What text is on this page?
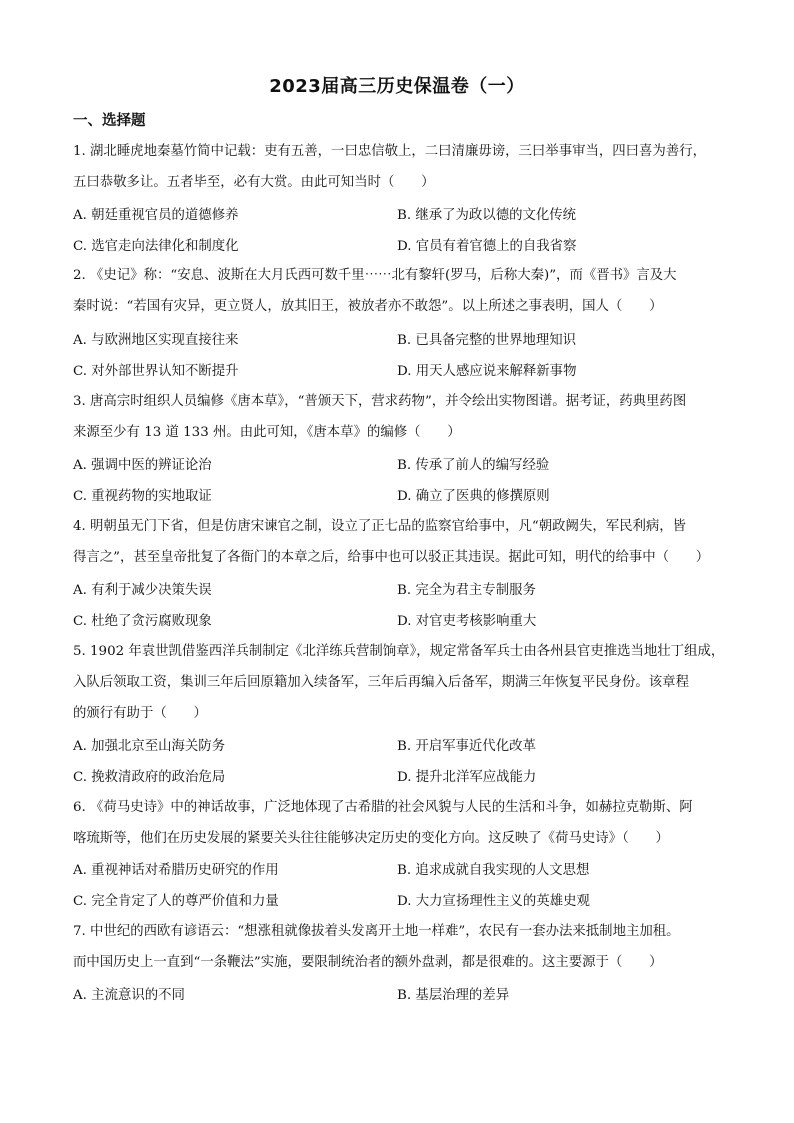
2023届高三历史保温卷（一）
一、选择题
1. 湖北睡虎地秦墓竹简中记载：吏有五善，一曰忠信敬上，二曰清廉毋谤，三曰举事审当，四曰喜为善行，
五曰恭敬多让。五者毕至，必有大赏。由此可知当时（　　）
A. 朝廷重视官员的道德修养	B. 继承了为政以德的文化传统
C. 选官走向法律化和制度化	D. 官员有着官德上的自我省察
2. 《史记》称：“安息、波斯在大月氏西可数千里⋯⋯北有黎轩(罗马，后称大秦)”，而《晋书》言及大
秦时说：“若国有灾异，更立贤人，放其旧王，被放者亦不敢怨”。以上所述之事表明，国人（　　）
A. 与欧洲地区实现直接往来	B. 已具备完整的世界地理知识
C. 对外部世界认知不断提升	D. 用天人感应说来解释新事物
3. 唐高宗时组织人员编修《唐本草》，“普颁天下，营求药物”，并令绘出实物图谱。据考证，药典里药图
来源至少有 13 道 133 州。由此可知，《唐本草》的编修（　　）
A. 强调中医的辨证论治	B. 传承了前人的编写经验
C. 重视药物的实地取证	D. 确立了医典的修撰原则
4. 明朝虽无门下省，但是仿唐宋谏官之制，设立了正七品的监察官给事中，凡“朝政阙失，军民利病，皆
得言之”，甚至皇帝批复了各衙门的本章之后，给事中也可以驳正其违误。据此可知，明代的给事中（　　）
A. 有利于减少决策失误	B. 完全为君主专制服务
C. 杜绝了贪污腐败现象	D. 对官吏考核影响重大
5. 1902 年袁世凯借鉴西洋兵制制定《北洋练兵营制饷章》，规定常备军兵士由各州县官吏推选当地壮丁组成，
入队后领取工资，集训三年后回原籍加入续备军，三年后再编入后备军，期满三年恢复平民身份。该章程
的颁行有助于（　　）
A. 加强北京至山海关防务	B. 开启军事近代化改革
C. 挽救清政府的政治危局	D. 提升北洋军应战能力
6. 《荷马史诗》中的神话故事，广泛地体现了古希腊的社会风貌与人民的生活和斗争，如赫拉克勒斯、阿
喀琉斯等，他们在历史发展的紧要关头往往能够决定历史的变化方向。这反映了《荷马史诗》（　　）
A. 重视神话对希腊历史研究的作用	B. 追求成就自我实现的人文思想
C. 完全肯定了人的尊严价值和力量	D. 大力宣扬理性主义的英雄史观
7. 中世纪的西欧有谚语云：“想涨租就像拔着头发离开土地一样难”，农民有一套办法来抵制地主加租。
而中国历史上一直到“一条鞭法”实施，要限制统治者的额外盘剥，都是很难的。这主要源于（　　）
A. 主流意识的不同	B. 基层治理的差异
